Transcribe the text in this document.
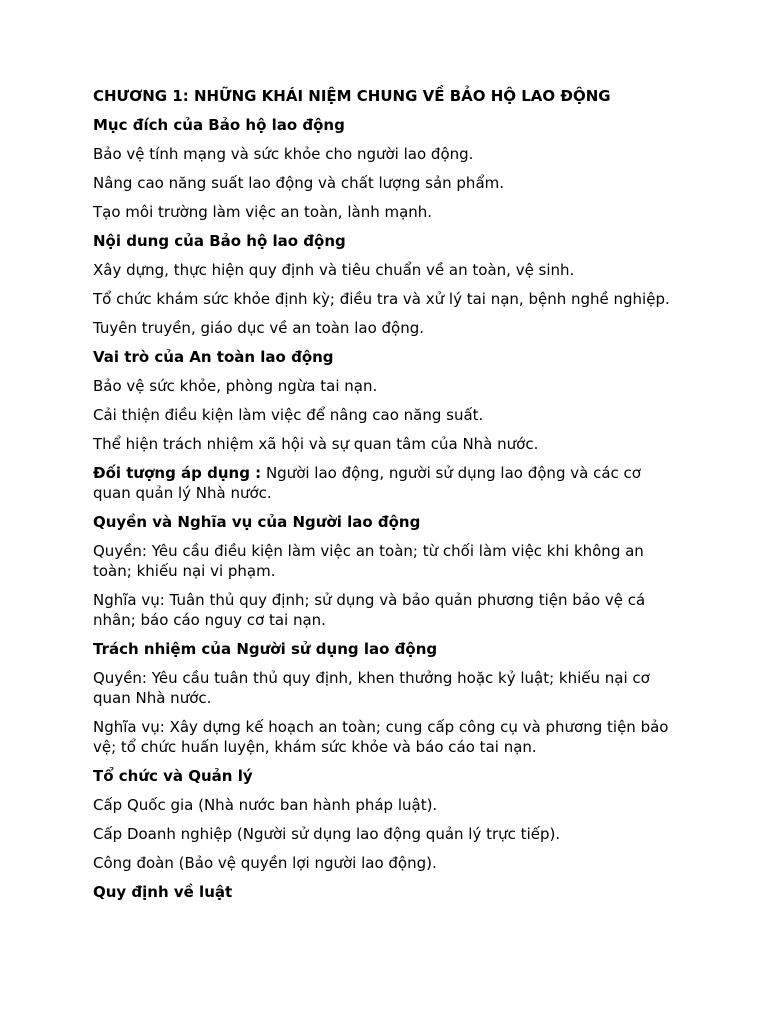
CHƯƠNG 1: NHỮNG KHÁI NIỆM CHUNG VỀ BẢO HỘ LAO ĐỘNG

Mục đích của Bảo hộ lao động

Bảo vệ tính mạng và sức khỏe cho người lao động.

Nâng cao năng suất lao động và chất lượng sản phẩm.

Tạo môi trường làm việc an toàn, lành mạnh.

Nội dung của Bảo hộ lao động

Xây dựng, thực hiện quy định và tiêu chuẩn về an toàn, vệ sinh.

Tổ chức khám sức khỏe định kỳ; điều tra và xử lý tai nạn, bệnh nghề nghiệp.

Tuyên truyền, giáo dục về an toàn lao động.

Vai trò của An toàn lao động

Bảo vệ sức khỏe, phòng ngừa tai nạn.

Cải thiện điều kiện làm việc để nâng cao năng suất.

Thể hiện trách nhiệm xã hội và sự quan tâm của Nhà nước.

Đối tượng áp dụng : Người lao động, người sử dụng lao động và các cơ quan quản lý Nhà nước.

Quyền và Nghĩa vụ của Người lao động

Quyền: Yêu cầu điều kiện làm việc an toàn; từ chối làm việc khi không an toàn; khiếu nại vi phạm.

Nghĩa vụ: Tuân thủ quy định; sử dụng và bảo quản phương tiện bảo vệ cá nhân; báo cáo nguy cơ tai nạn.

Trách nhiệm của Người sử dụng lao động

Quyền: Yêu cầu tuân thủ quy định, khen thưởng hoặc kỷ luật; khiếu nại cơ quan Nhà nước.

Nghĩa vụ: Xây dựng kế hoạch an toàn; cung cấp công cụ và phương tiện bảo vệ; tổ chức huấn luyện, khám sức khỏe và báo cáo tai nạn.

Tổ chức và Quản lý

Cấp Quốc gia (Nhà nước ban hành pháp luật).

Cấp Doanh nghiệp (Người sử dụng lao động quản lý trực tiếp).

Công đoàn (Bảo vệ quyền lợi người lao động).

Quy định về luật
